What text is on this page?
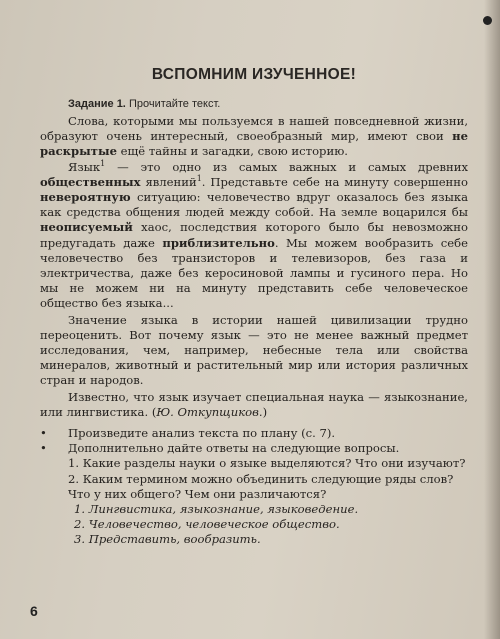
ВСПОМНИМ ИЗУЧЕННОЕ!
Задание 1. Прочитайте текст.

Слова, которыми мы пользуемся в нашей повседневной жизни, образуют очень интересный, своеобразный мир, имеют свои не раскрытые ещё тайны и загадки, свою историю.

Язык$^1$ — это одно из самых важных и самых древних общественных явлений$^1$. Представьте себе на минуту совершенно невероятную ситуацию: человечество вдруг оказалось без языка как средства общения людей между собой. На земле воцарился бы неописуемый хаос, последствия которого было бы невозможно предугадать даже приблизительно. Мы можем вообразить себе человечество без транзисторов и телевизоров, без газа и электричества, даже без керосиновой лампы и гусиного пера. Но мы не можем ни на минуту представить себе человеческое общество без языка...

Значение языка в истории нашей цивилизации трудно переоценить. Вот почему язык — это не менее важный предмет исследования, чем, например, небесные тела или свойства минералов, животный и растительный мир или история различных стран и народов.

Известно, что язык изучает специальная наука — языкознание, или лингвистика. (Ю. Откупщиков.)

• Произведите анализ текста по плану (с. 7).
• Дополнительно дайте ответы на следующие вопросы.
1. Какие разделы науки о языке выделяются? Что они изучают?
2. Каким термином можно объединить следующие ряды слов? Что у них общего? Чем они различаются?
1. Лингвистика, языкознание, языковедение.
2. Человечество, человеческое общество.
3. Представить, вообразить.
6
